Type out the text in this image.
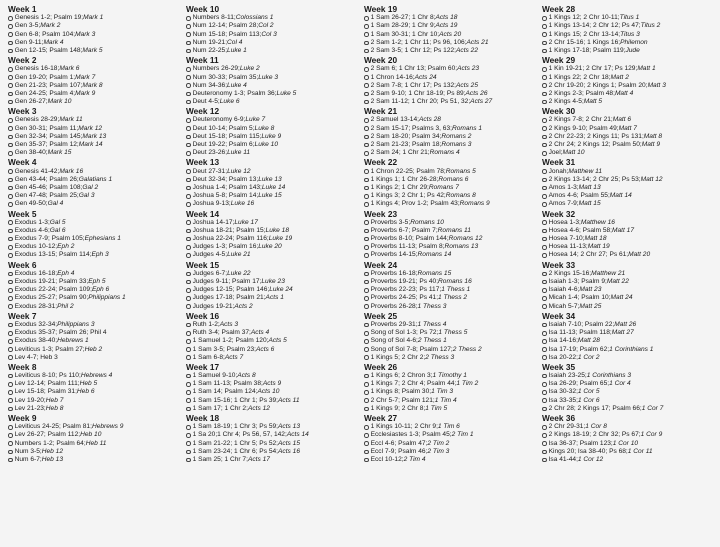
Week 1
Genesis 1-2; Psalm 19; Mark 1
Gen 3-5; Mark 2
Gen 6-8; Psalm 104; Mark 3
Gen 9-11; Mark 4
Gen 12-15; Psalm 148; Mark 5
Week 2
Genesis 16-18; Mark 6
Gen 19-20; Psalm 1; Mark 7
Gen 21-23; Psalm 107; Mark 8
Gen 24-25; Psalm 4; Mark 9
Gen 26-27; Mark 10
Week 3
Genesis 28-29; Mark 11
Gen 30-31; Psalm 11; Mark 12
Gen 32-34; Psalm 145; Mark 13
Gen 35-37; Psalm 12; Mark 14
Gen 38-40; Mark 15
Week 4
Genesis 41-42; Mark 16
Gen 43-44; Psalm 26; Galatians 1
Gen 45-46; Psalm 108; Gal 2
Gen 47-48; Psalm 25; Gal 3
Gen 49-50; Gal 4
Week 5
Exodus 1-3; Gal 5
Exodus 4-6; Gal 6
Exodus 7-9; Psalm 105; Ephesians 1
Exodus 10-12; Eph 2
Exodus 13-15; Psalm 114; Eph 3
Week 6
Exodus 16-18; Eph 4
Exodus 19-21; Psalm 33; Eph 5
Exodus 22-24; Psalm 109; Eph 6
Exodus 25-27; Psalm 90; Philippians 1
Exodus 28-31; Phil 2
Week 7
Exodus 32-34; Philippians 3
Exodus 35-37; Psalm 26; Phil 4
Exodus 38-40; Hebrews 1
Leviticus 1-3; Psalm 27; Heb 2
Lev 4-7; Heb 3
Week 8
Leviticus 8-10; Ps 110; Hebrews 4
Lev 12-14; Psalm 111; Heb 5
Lev 15-18; Psalm 31; Heb 6
Lev 19-20; Heb 7
Lev 21-23; Heb 8
Week 9
Leviticus 24-25; Psalm 81; Hebrews 9
Lev 26-27; Psalm 112; Heb 10
Numbers 1-2; Psalm 64; Heb 11
Num 3-5; Heb 12
Num 6-7; Heb 13
Week 10
Numbers 8-11; Colossians 1
Num 12-14; Psalm 28; Col 2
Num 15-18; Psalm 113; Col 3
Num 19-21; Col 4
Num 22-25; Luke 1
Week 11
Numbers 26-29; Luke 2
Num 30-33; Psalm 35; Luke 3
Num 34-36; Luke 4
Deuteronomy 1-3; Psalm 36; Luke 5
Deut 4-5; Luke 6
Week 12
Deuteronomy 6-9; Luke 7
Deut 10-14; Psalm 5; Luke 8
Deut 15-18; Psalm 115; Luke 9
Deut 19-22; Psalm 6; Luke 10
Deut 23-26; Luke 11
Week 13
Deut 27-31; Luke 12
Deut 32-34; Psalm 13; Luke 13
Joshua 1-4; Psalm 143; Luke 14
Joshua 5-8; Psalm 14; Luke 15
Joshua 9-13; Luke 16
Week 14
Joshua 14-17; Luke 17
Joshua 18-21; Psalm 15; Luke 18
Joshua 22-24; Psalm 116; Luke 19
Judges 1-3; Psalm 16; Luke 20
Judges 4-5; Luke 21
Week 15
Judges 6-7; Luke 22
Judges 9-11; Psalm 17; Luke 23
Judges 12-15; Psalm 146; Luke 24
Judges 17-18; Psalm 21; Acts 1
Judges 19-21; Acts 2
Week 16
Ruth 1-2; Acts 3
Ruth 3-4; Psalm 37; Acts 4
1 Samuel 1-2; Psalm 120; Acts 5
1 Sam 3-5; Psalm 23; Acts 6
1 Sam 6-8; Acts 7
Week 17
1 Samuel 9-10; Acts 8
1 Sam 11-13; Psalm 38; Acts 9
1 Sam 14; Psalm 124; Acts 10
1 Sam 15-16; 1 Chr 1; Ps 39; Acts 11
1 Sam 17; 1 Chr 2; Acts 12
Week 18
1 Sam 18-19; 1 Chr 3; Ps 59; Acts 13
1 Sa 20;1 Chr 4; Ps 56, 57, 142; Acts 14
1 Sam 21-22; 1 Chr 5; Ps 52; Acts 15
1 Sam 23-24; 1 Chr 6; Ps 54; Acts 16
1 Sam 25; 1 Chr 7; Acts 17
Week 19
1 Sam 26-27; 1 Chr 8; Acts 18
1 Sam 28-29; 1 Chr 9; Acts 19
1 Sam 30-31; 1 Chr 10; Acts 20
2 Sam 1-2; 1 Chr 11; Ps 96, 106; Acts 21
2 Sam 3-5; 1 Chr 12; Ps 122; Acts 22
Week 20
2 Sam 6; 1 Chr 13; Psalm 60; Acts 23
1 Chron 14-16; Acts 24
2 Sam 7-8; 1 Chr 17; Ps 132; Acts 25
2 Sam 9-10; 1 Chr 18-19; Ps 89; Acts 26
2 Sam 11-12; 1 Chr 20; Ps 51, 32; Acts 27
Week 21
2 Samuel 13-14; Acts 28
2 Sam 15-17; Psalms 3, 63; Romans 1
2 Sam 18-20; Psalm 34; Romans 2
2 Sam 21-23; Psalm 18; Romans 3
2 Sam 24; 1 Chr 21; Romans 4
Week 22
1 Chron 22-25; Psalm 78; Romans 5
1 Kings 1; 1 Chr 26-28; Romans 6
1 Kings 2; 1 Chr 29; Romans 7
1 Kings 3; 2 Chr 1; Ps 42; Romans 8
1 Kings 4; Prov 1-2; Psalm 43; Romans 9
Week 23
Proverbs 3-5; Romans 10
Proverbs 6-7; Psalm 7; Romans 11
Proverbs 8-10; Psalm 144; Romans 12
Proverbs 11-13; Psalm 8; Romans 13
Proverbs 14-15; Romans 14
Week 24
Proverbs 16-18; Romans 15
Proverbs 19-21; Ps 40; Romans 16
Proverbs 22-23; Ps 117; 1 Thess 1
Proverbs 24-25; Ps 41; 1 Thess 2
Proverbs 26-28; 1 Thess 3
Week 25
Proverbs 29-31; 1 Thess 4
Song of Sol 1-3; Ps 72; 1 Thess 5
Song of Sol 4-6; 2 Thess 1
Song of Sol 7-8; Psalm 127; 2 Thess 2
1 Kings 5; 2 Chr 2; 2 Thess 3
Week 26
1 Kings 6; 2 Chron 3; 1 Timothy 1
1 Kings 7; 2 Chr 4; Psalm 44; 1 Tim 2
1 Kings 8; Psalm 30; 1 Tim 3
2 Chr 5-7; Psalm 121; 1 Tim 4
1 Kings 9; 2 Chr 8; 1 Tim 5
Week 27
1 Kings 10-11; 2 Chr 9; 1 Tim 6
Ecclesiastes 1-3; Psalm 45; 2 Tim 1
Eccl 4-6; Psalm 47; 2 Tim 2
Eccl 7-9; Psalm 46; 2 Tim 3
Eccl 10-12; 2 Tim 4
Week 28
1 Kings 12; 2 Chr 10-11; Titus 1
1 Kings 13-14; 2 Chr 12; Ps 47; Titus 2
1 Kings 15; 2 Chr 13-14; Titus 3
2 Chr 15-16; 1 Kings 16; Philemon
1 Kings 17-18; Psalm 119; Jude
Week 29
1 Kin 19-21; 2 Chr 17; Ps 129; Matt 1
1 Kings 22; 2 Chr 18; Matt 2
2 Chr 19-20; 2 Kings 1; Psalm 20; Matt 3
2 Kings 2-3; Psalm 48; Matt 4
2 Kings 4-5; Matt 5
Week 30
2 Kings 7-8; 2 Chr 21; Matt 6
2 Kings 9-10; Psalm 49; Matt 7
2 Chr 22-23; 2 Kings 11; Ps 131; Matt 8
2 Chr 24; 2 Kings 12; Psalm 50; Matt 9
Joel; Matt 10
Week 31
Jonah; Matthew 11
2 Kings 13-14; 2 Chr 25; Ps 53; Matt 12
Amos 1-3; Matt 13
Amos 4-6; Psalm 55; Matt 14
Amos 7-9; Matt 15
Week 32
Hosea 1-3; Matthew 16
Hosea 4-6; Psalm 58; Matt 17
Hosea 7-10; Matt 18
Hosea 11-13; Matt 19
Hosea 14; 2 Chr 27; Ps 61; Matt 20
Week 33
2 Kings 15-16; Matthew 21
Isaiah 1-3; Psalm 9; Matt 22
Isaiah 4-6; Matt 23
Micah 1-4; Psalm 10; Matt 24
Micah 5-7; Matt 25
Week 34
Isaiah 7-10; Psalm 22; Matt 26
Isa 11-13; Psalm 118; Matt 27
Isa 14-16; Matt 28
Isa 17-19; Psalm 62; 1 Corinthians 1
Isa 20-22; 1 Cor 2
Week 35
Isaiah 23-25; 1 Corinthians 3
Isa 26-29; Psalm 65; 1 Cor 4
Isa 30-32; 1 Cor 5
Isa 33-35; 1 Cor 6
2 Chr 28; 2 Kings 17; Psalm 66; 1 Cor 7
Week 36
2 Chr 29-31; 1 Cor 8
2 Kings 18-19; 2 Chr 32; Ps 67; 1 Cor 9
Isa 36-37; Psalm 123; 1 Cor 10
Kings 20; Isa 38-40; Ps 68; 1 Cor 11
Isa 41-44; 1 Cor 12
